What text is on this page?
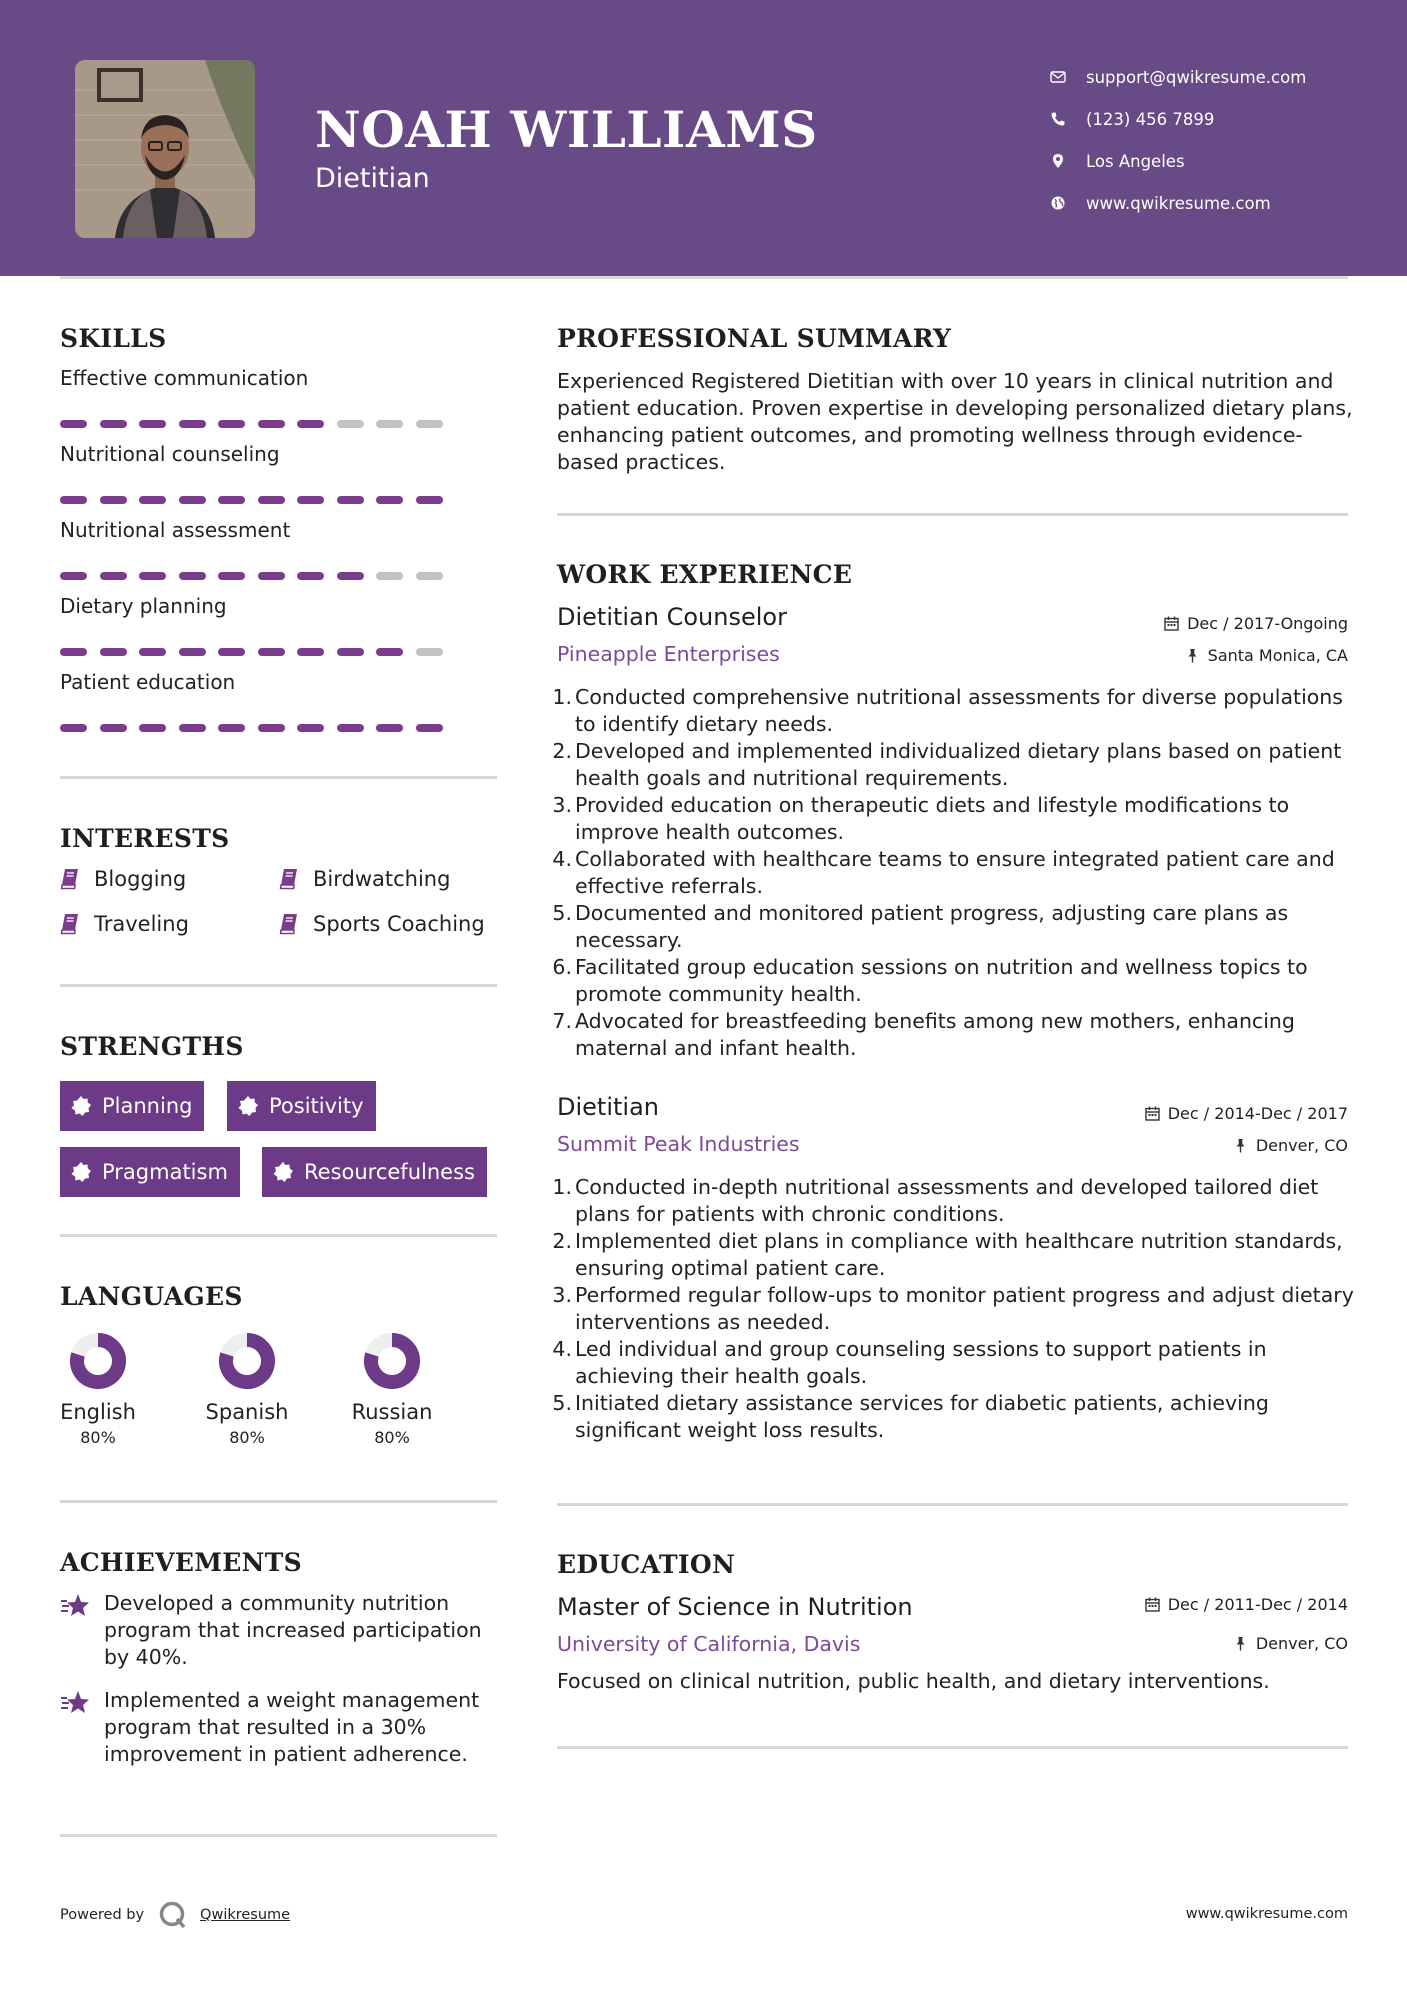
NOAH WILLIAMS
Dietitian
support@qwikresume.com
(123) 456 7899
Los Angeles
www.qwikresume.com
SKILLS
Effective communication
Nutritional counseling
Nutritional assessment
Dietary planning
Patient education
INTERESTS
Blogging	Birdwatching
Traveling	Sports Coaching
STRENGTHS
Planning	Positivity
Pragmatism	Resourcefulness
LANGUAGES
English
80%
Spanish
80%
Russian
80%
ACHIEVEMENTS
Developed a community nutrition program that increased participation by 40%.
Implemented a weight management program that resulted in a 30% improvement in patient adherence.
PROFESSIONAL SUMMARY
Experienced Registered Dietitian with over 10 years in clinical nutrition and patient education. Proven expertise in developing personalized dietary plans, enhancing patient outcomes, and promoting wellness through evidence-based practices.
WORK EXPERIENCE
Dietitian Counselor	Dec / 2017-Ongoing
Pineapple Enterprises	Santa Monica, CA
Conducted comprehensive nutritional assessments for diverse populations to identify dietary needs.
Developed and implemented individualized dietary plans based on patient health goals and nutritional requirements.
Provided education on therapeutic diets and lifestyle modifications to improve health outcomes.
Collaborated with healthcare teams to ensure integrated patient care and effective referrals.
Documented and monitored patient progress, adjusting care plans as necessary.
Facilitated group education sessions on nutrition and wellness topics to promote community health.
Advocated for breastfeeding benefits among new mothers, enhancing maternal and infant health.
Dietitian	Dec / 2014-Dec / 2017
Summit Peak Industries	Denver, CO
Conducted in-depth nutritional assessments and developed tailored diet plans for patients with chronic conditions.
Implemented diet plans in compliance with healthcare nutrition standards, ensuring optimal patient care.
Performed regular follow-ups to monitor patient progress and adjust dietary interventions as needed.
Led individual and group counseling sessions to support patients in achieving their health goals.
Initiated dietary assistance services for diabetic patients, achieving significant weight loss results.
EDUCATION
Master of Science in Nutrition	Dec / 2011-Dec / 2014
University of California, Davis	Denver, CO
Focused on clinical nutrition, public health, and dietary interventions.
Powered by	Qwikresume	www.qwikresume.com
